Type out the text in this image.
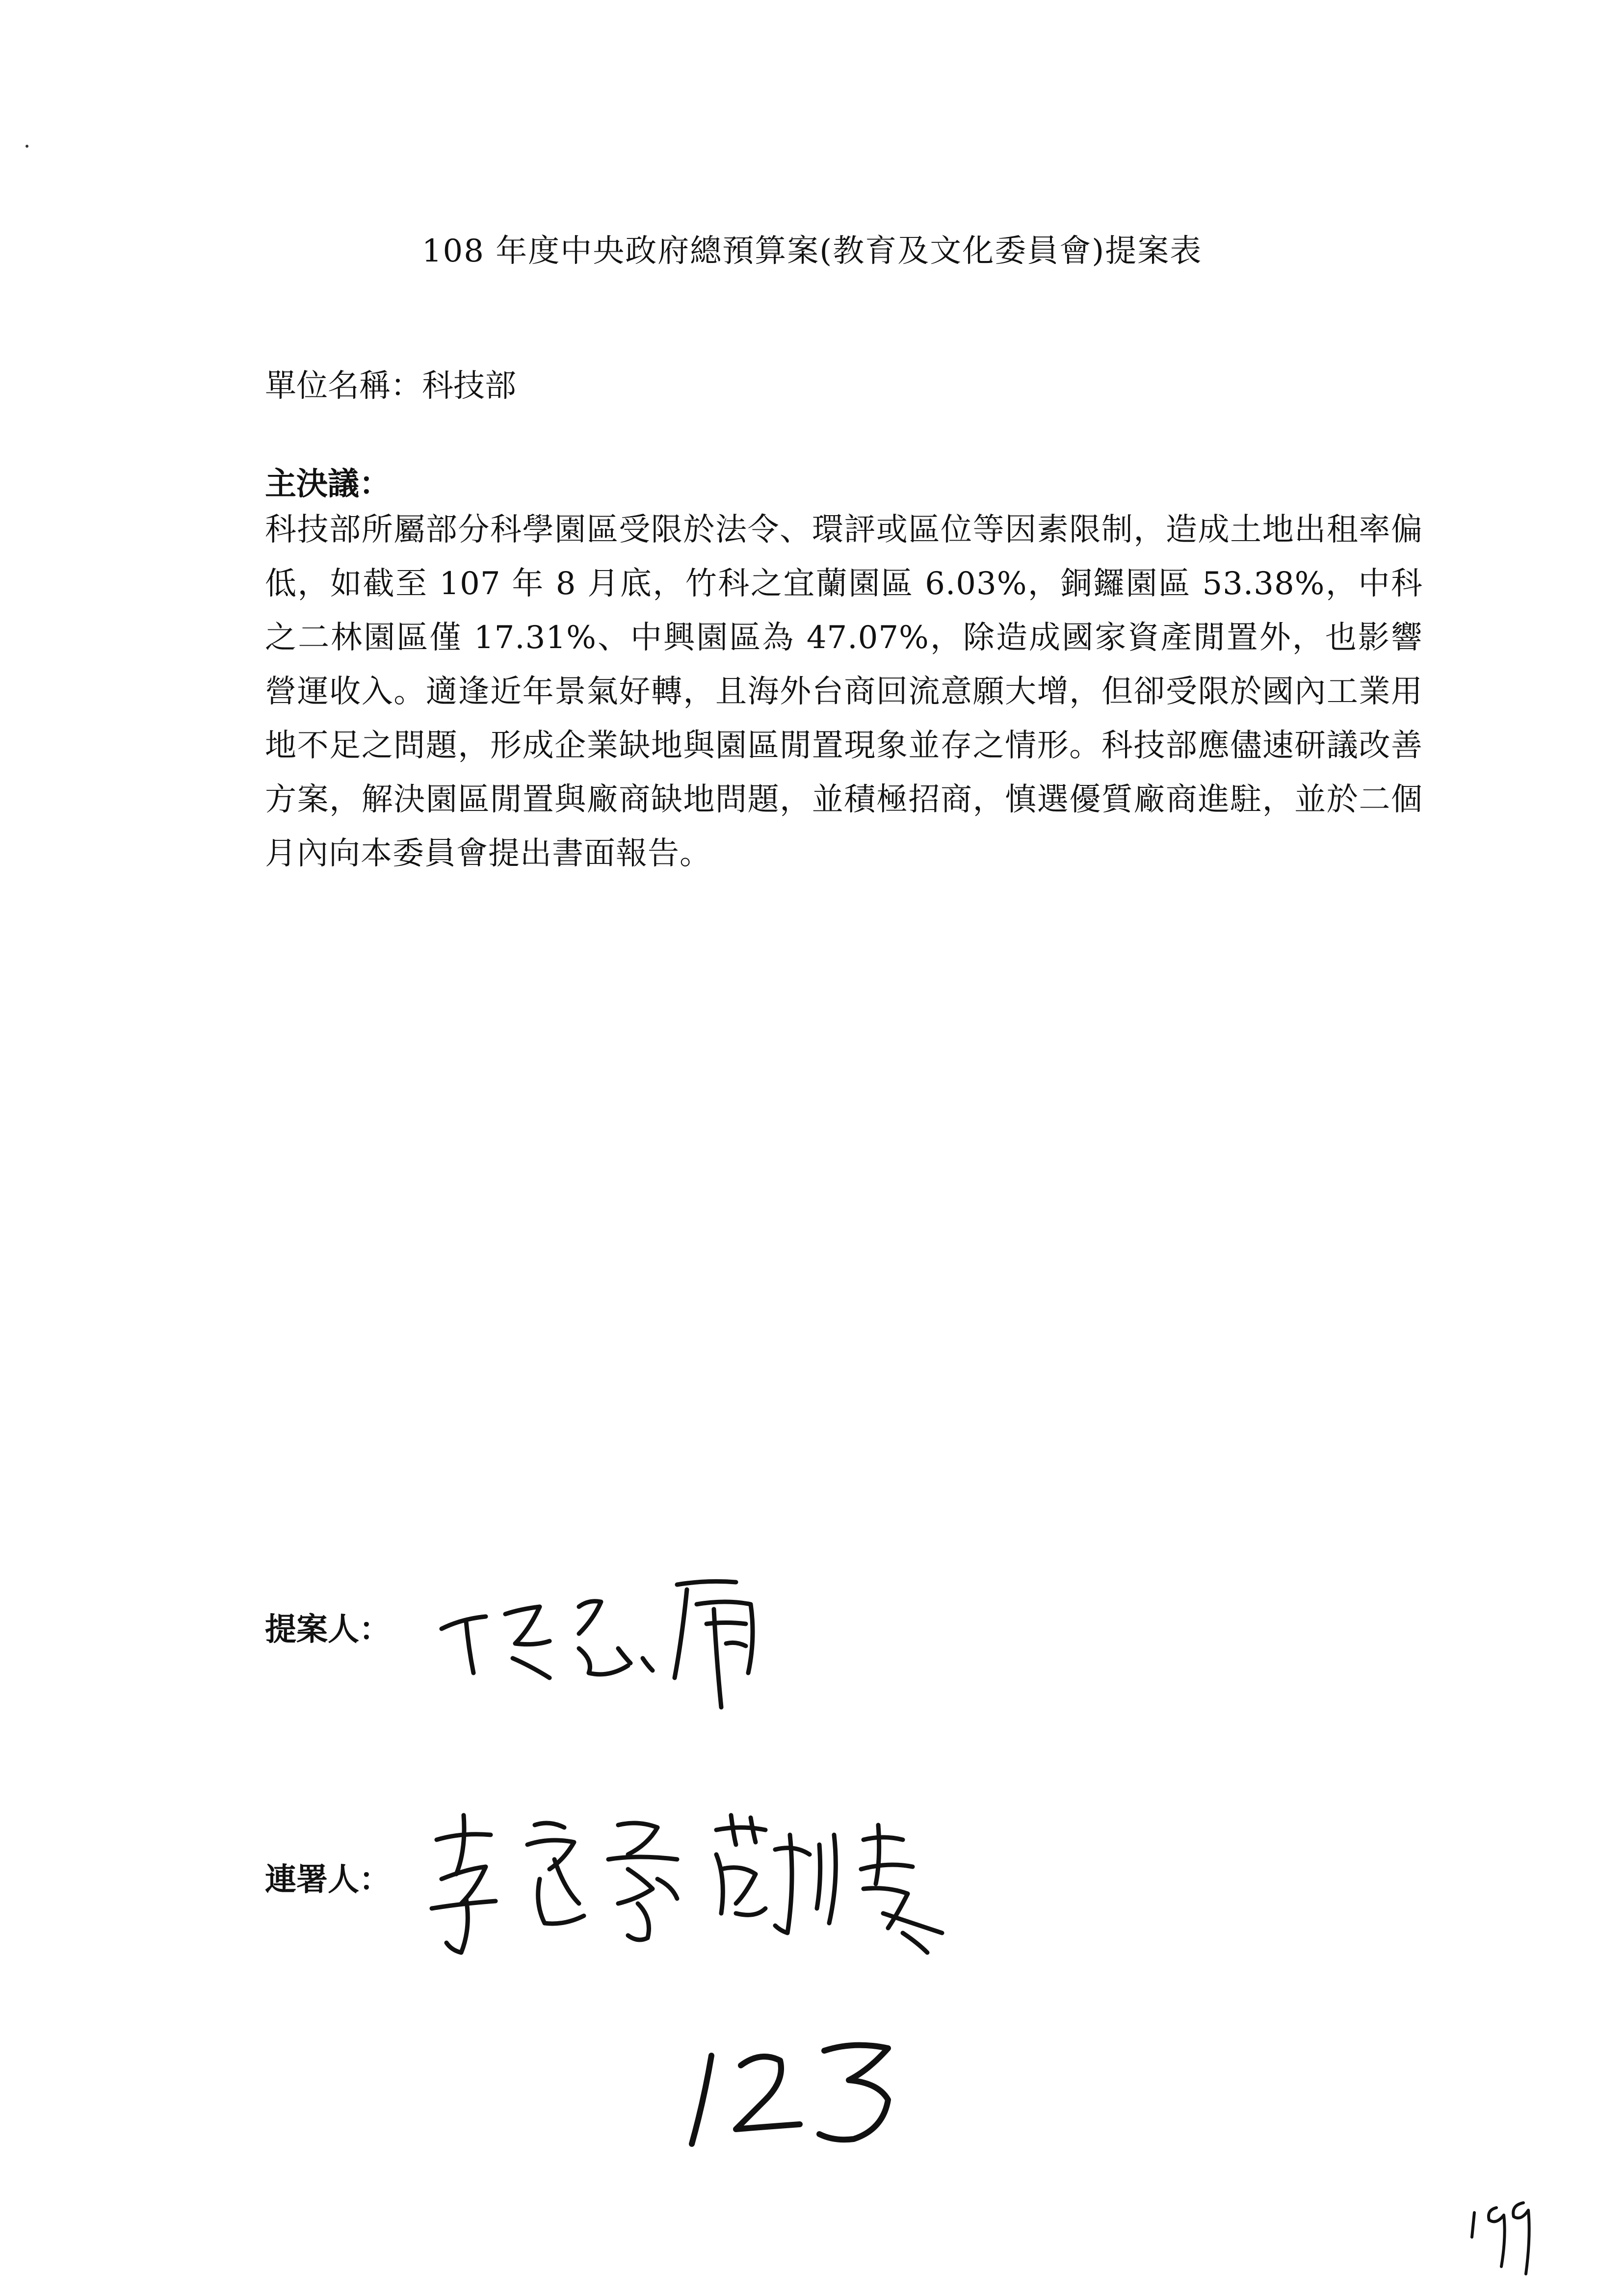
108 年度中央政府總預算案(教育及文化委員會)提案表
單位名稱：科技部
主決議：
科技部所屬部分科學園區受限於法令、環評或區位等因素限制，造成土地出租率偏低，如截至 107 年 8 月底，竹科之宜蘭園區 6.03%，銅鑼園區 53.38%，中科之二林園區僅 17.31%、中興園區為 47.07%，除造成國家資產閒置外，也影響營運收入。適逢近年景氣好轉，且海外台商回流意願大增，但卻受限於國內工業用地不足之問題，形成企業缺地與園區閒置現象並存之情形。科技部應儘速研議改善方案，解決園區閒置與廠商缺地問題，並積極招商，慎選優質廠商進駐，並於二個月內向本委員會提出書面報告。
提案人：
連署人：
